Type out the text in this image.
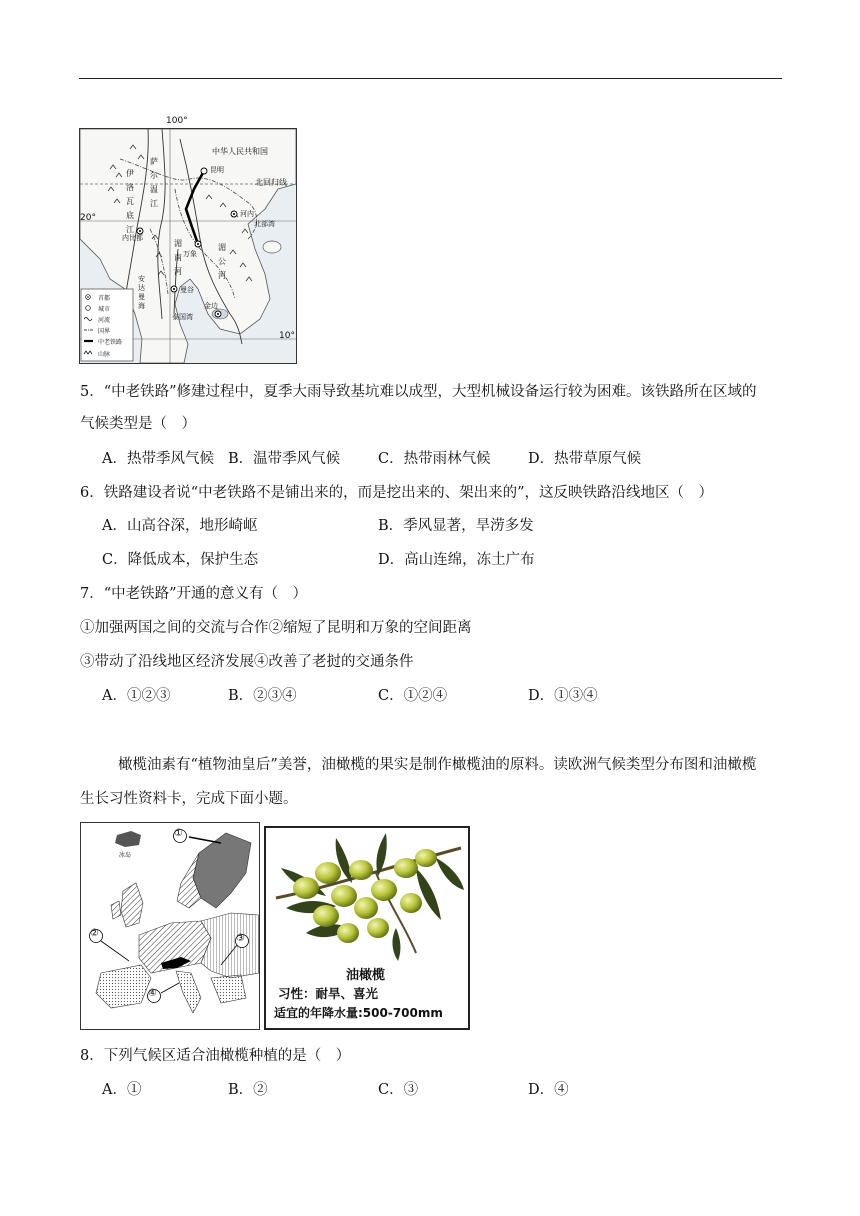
100°
中华人民共和国
昆明
北回归线
河内
北部湾
内比都
万象
曼谷
金边
泰国湾
安达曼海
伊洛瓦底江
萨尔温江
湄公河
湄南河
首都
城市
河流
国界
中老铁路
山脉
20°
10°
5．“中老铁路”修建过程中，夏季大雨导致基坑难以成型，大型机械设备运行较为困难。该铁路所在区域的
气候类型是（　）
A．热带季风气候 B．温带季风气候	C．热带雨林气候	D．热带草原气候
6．铁路建设者说“中老铁路不是铺出来的，而是挖出来的、架出来的”，这反映铁路沿线地区（　）
A．山高谷深，地形崎岖	B．季风显著，旱涝多发
C．降低成本，保护生态	D．高山连绵，冻土广布
7．“中老铁路”开通的意义有（　）
①加强两国之间的交流与合作②缩短了昆明和万象的空间距离
③带动了沿线地区经济发展④改善了老挝的交通条件
A．①②③	B．②③④	C．①②④	D．①③④
橄榄油素有“植物油皇后”美誉，油橄榄的果实是制作橄榄油的原料。读欧洲气候类型分布图和油橄榄
生长习性资料卡，完成下面小题。
冰岛
①
②	③
④
油橄榄
习性：耐旱、喜光
适宜的年降水量:500-700mm
8．下列气候区适合油橄榄种植的是（　）
A．①	B．②	C．③	D．④
